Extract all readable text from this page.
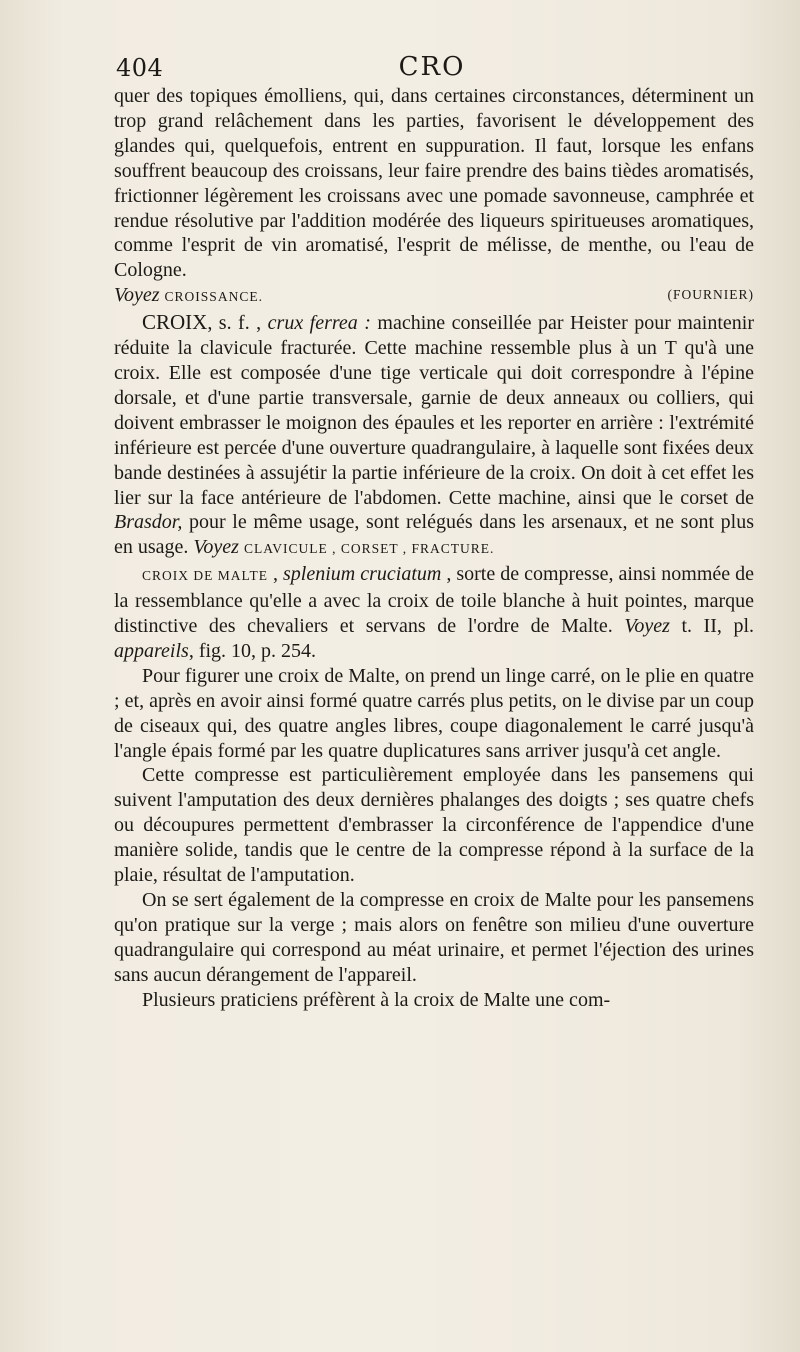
404	CRO

quer des topiques émolliens, qui, dans certaines circonstances, déterminent un trop grand relâchement dans les parties, favorisent le développement des glandes qui, quelquefois, entrent en suppuration. Il faut, lorsque les enfans souffrent beaucoup des croissans, leur faire prendre des bains tièdes aromatisés, frictionner légèrement les croissans avec une pomade savonneuse, camphrée et rendue résolutive par l'addition modérée des liqueurs spiritueuses aromatiques, comme l'esprit de vin aromatisé, l'esprit de mélisse, de menthe, ou l'eau de Cologne.

Voyez CROISSANCE.	(FOURNIER)

CROIX, s. f. , crux ferrea : machine conseillée par Heister pour maintenir réduite la clavicule fracturée. Cette machine ressemble plus à un T qu'à une croix. Elle est composée d'une tige verticale qui doit correspondre à l'épine dorsale, et d'une partie transversale, garnie de deux anneaux ou colliers, qui doivent embrasser le moignon des épaules et les reporter en arrière : l'extrémité inférieure est percée d'une ouverture quadrangulaire, à laquelle sont fixées deux bande destinées à assujétir la partie inférieure de la croix. On doit à cet effet les lier sur la face antérieure de l'abdomen. Cette machine, ainsi que le corset de Brasdor, pour le même usage, sont relégués dans les arsenaux, et ne sont plus en usage. Voyez CLAVICULE , CORSET , FRACTURE.

CROIX DE MALTE , splenium cruciatum , sorte de compresse, ainsi nommée de la ressemblance qu'elle a avec la croix de toile blanche à huit pointes, marque distinctive des chevaliers et servans de l'ordre de Malte. Voyez t. II, pl. appareils, fig. 10, p. 254.

Pour figurer une croix de Malte, on prend un linge carré, on le plie en quatre ; et, après en avoir ainsi formé quatre carrés plus petits, on le divise par un coup de ciseaux qui, des quatre angles libres, coupe diagonalement le carré jusqu'à l'angle épais formé par les quatre duplicatures sans arriver jusqu'à cet angle.

Cette compresse est particulièrement employée dans les pansemens qui suivent l'amputation des deux dernières phalanges des doigts ; ses quatre chefs ou découpures permettent d'embrasser la circonférence de l'appendice d'une manière solide, tandis que le centre de la compresse répond à la surface de la plaie, résultat de l'amputation.

On se sert également de la compresse en croix de Malte pour les pansemens qu'on pratique sur la verge ; mais alors on fenêtre son milieu d'une ouverture quadrangulaire qui correspond au méat urinaire, et permet l'éjection des urines sans aucun dérangement de l'appareil.

Plusieurs praticiens préfèrent à la croix de Malte une com-
